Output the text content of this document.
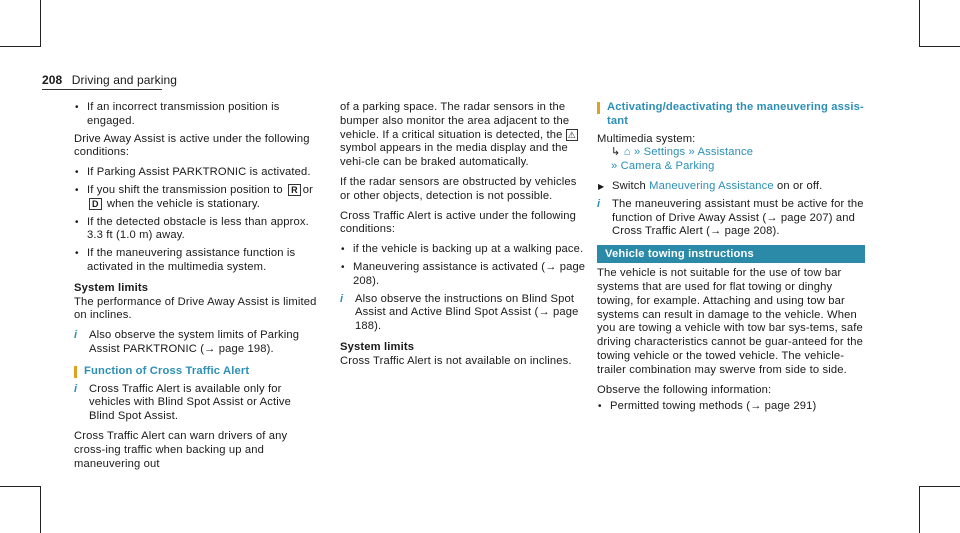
208 Driving and parking
• If an incorrect transmission position is engaged.

Drive Away Assist is active under the following conditions:

• If Parking Assist PARKTRONIC is activated.
• If you shift the transmission position to R or
D when the vehicle is stationary.
• If the detected obstacle is less than approx. 3.3 ft (1.0 m) away.
• If the maneuvering assistance function is activated in the multimedia system.
System limits

The performance of Drive Away Assist is limited on inclines.

i Also observe the system limits of Parking Assist PARKTRONIC (→ page 198).
Function of Cross Traffic Alert
i Cross Traffic Alert is available only for vehicles with Blind Spot Assist or Active Blind Spot Assist.

Cross Traffic Alert can warn drivers of any cross-ing traffic when backing up and maneuvering out

of a parking space. The radar sensors in the bumper also monitor the area adjacent to the vehicle. If a critical situation is detected, the ⚠ symbol appears in the media display and the vehi-cle can be braked automatically.

If the radar sensors are obstructed by vehicles or other objects, detection is not possible.

Cross Traffic Alert is active under the following conditions:

• if the vehicle is backing up at a walking pace.
• Maneuvering assistance is activated (→ page 208).
i Also observe the instructions on Blind Spot Assist and Active Blind Spot Assist (→ page 188).
System limits

Cross Traffic Alert is not available on inclines.

Activating/deactivating the maneuvering assis-tant
Multimedia system:
↳ ⌂ » Settings » Assistance
» Camera & Parking
▶ Switch Maneuvering Assistance on or off.
i The maneuvering assistant must be active for the function of Drive Away Assist (→ page 207) and Cross Traffic Alert (→ page 208).
Vehicle towing instructions

The vehicle is not suitable for the use of tow bar systems that are used for flat towing or dinghy towing, for example. Attaching and using tow bar systems can result in damage to the vehicle. When you are towing a vehicle with tow bar sys-tems, safe driving characteristics cannot be guar-anteed for the towing vehicle or the towed vehicle. The vehicle-trailer combination may swerve from side to side.

Observe the following information:

• Permitted towing methods (→ page 291)
